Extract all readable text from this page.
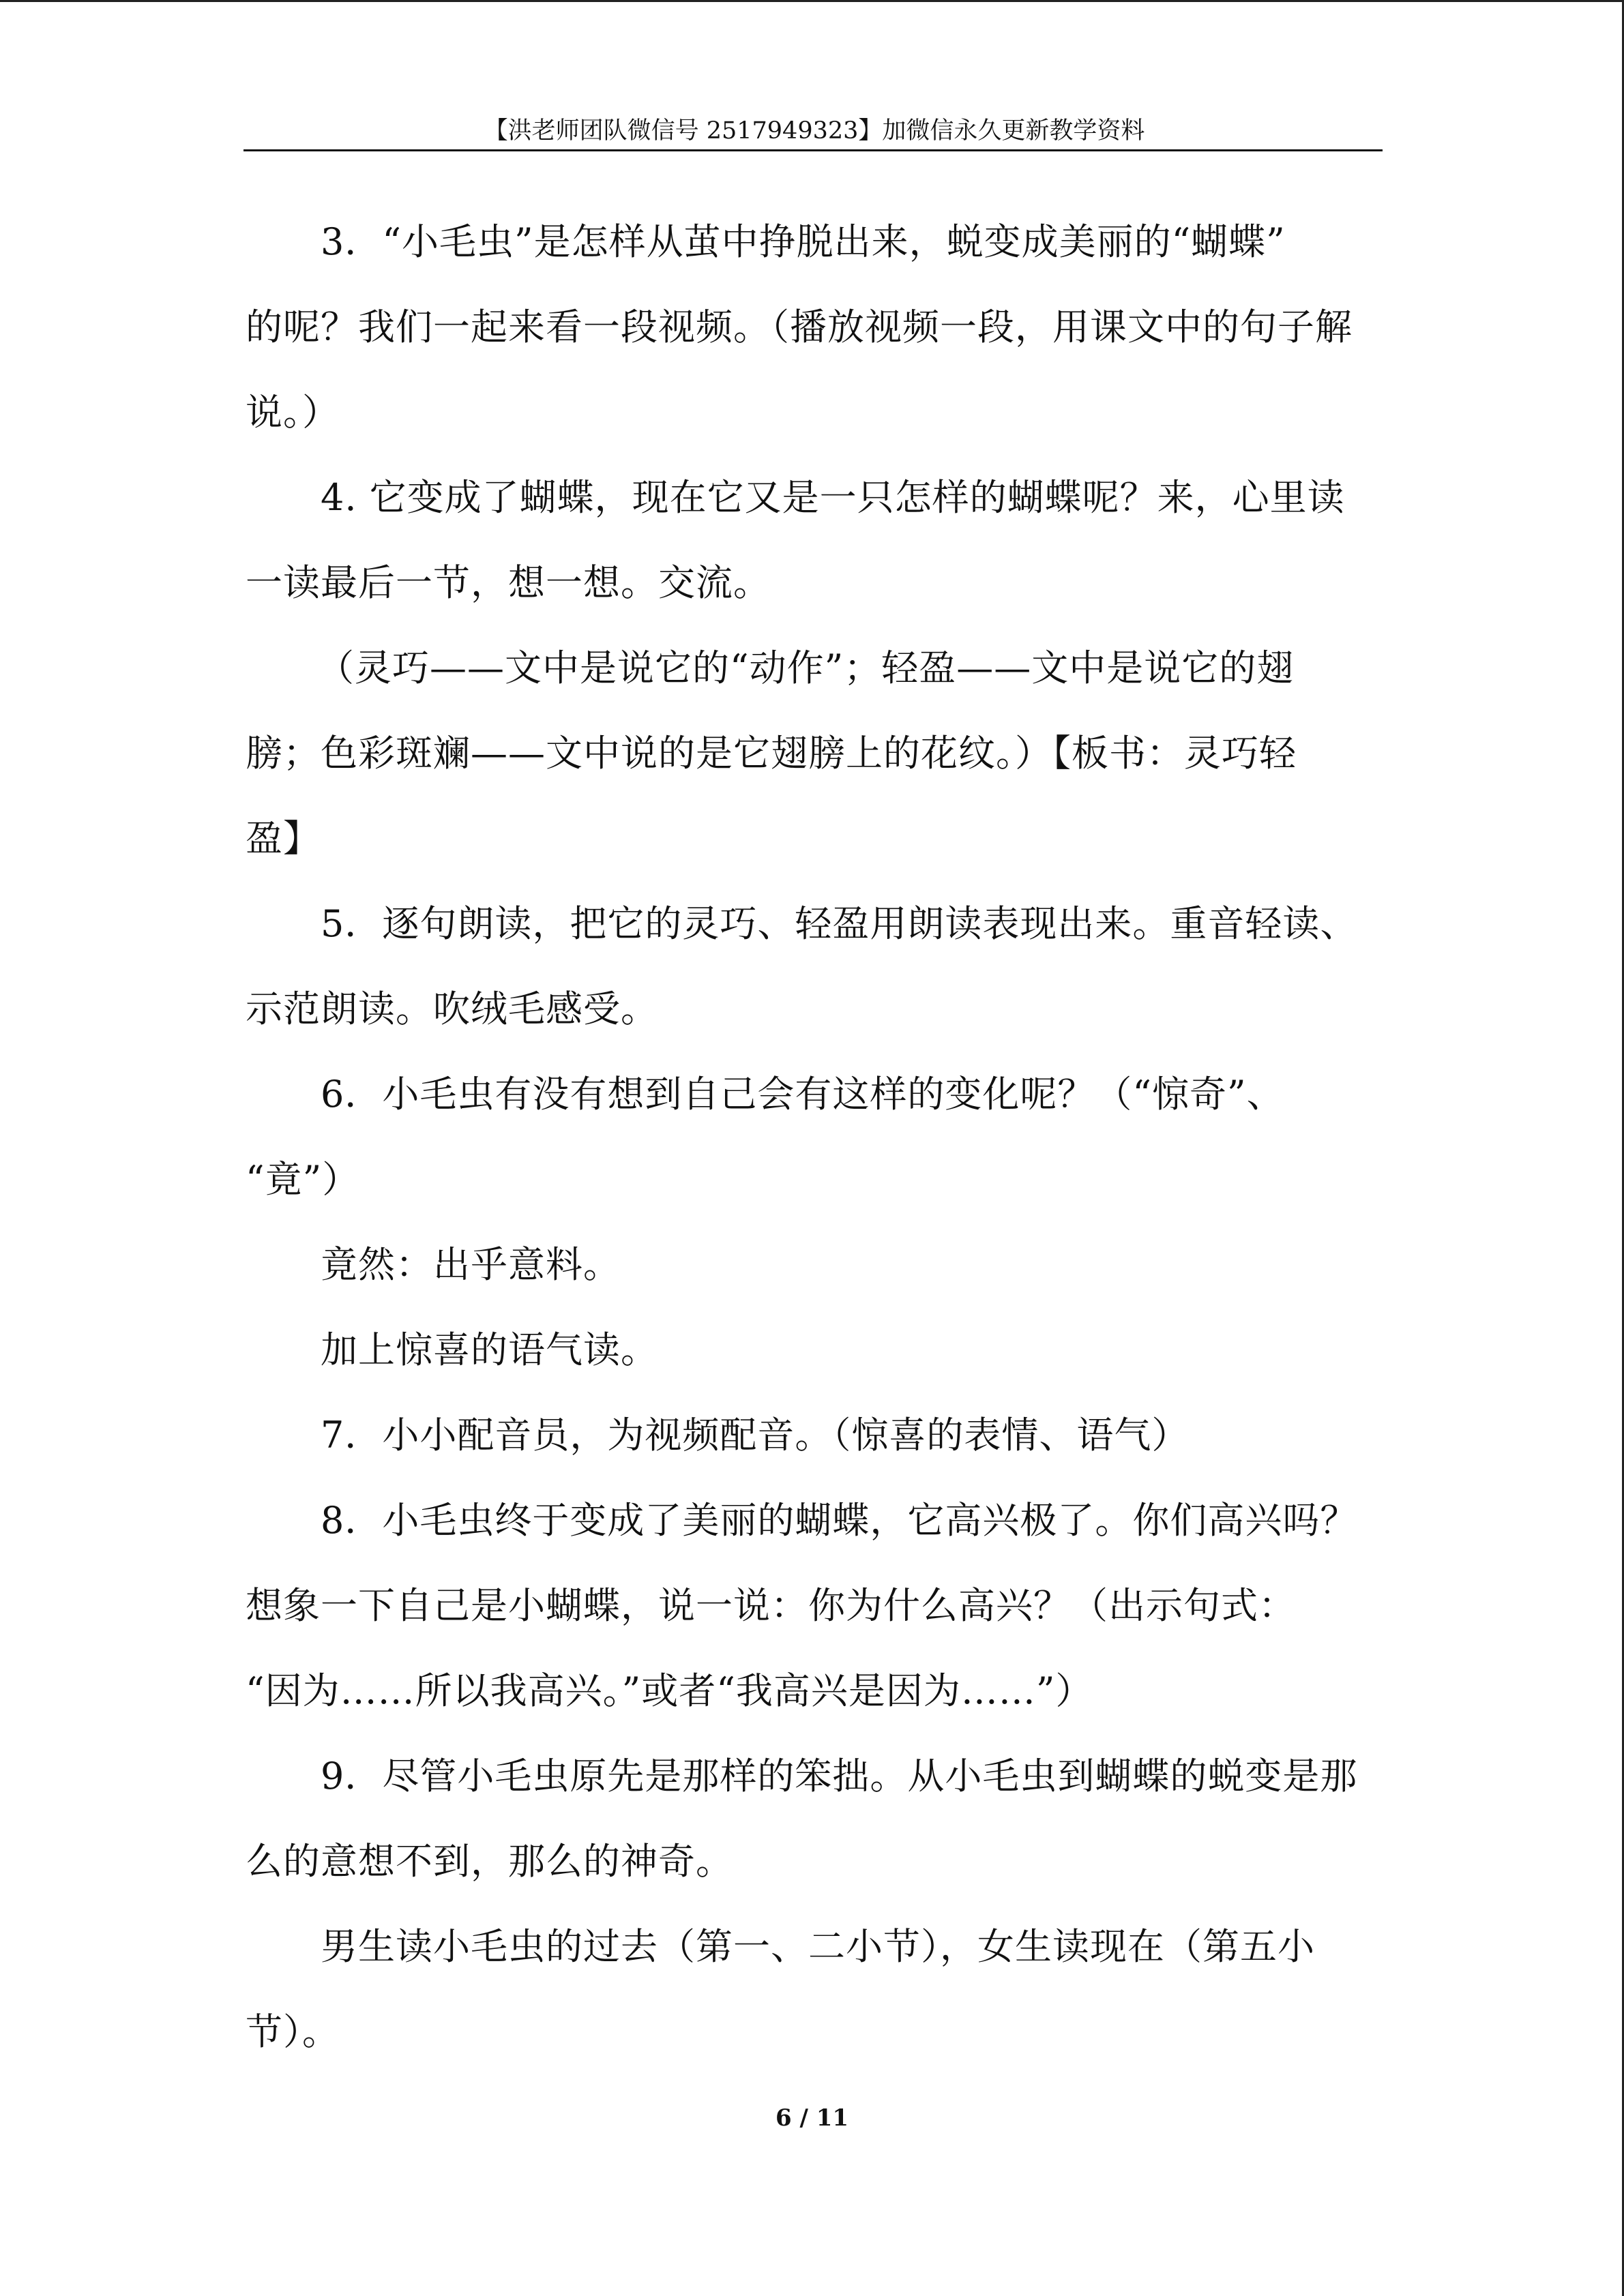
【洪老师团队微信号 2517949323】加微信永久更新教学资料
3．“小毛虫”是怎样从茧中挣脱出来，蜕变成美丽的“蝴蝶”
的呢？我们一起来看一段视频。（播放视频一段，用课文中的句子解
说。）
4. 它变成了蝴蝶，现在它又是一只怎样的蝴蝶呢？来，心里读
一读最后一节，想一想。交流。
（灵巧——文中是说它的“动作”；轻盈——文中是说它的翅
膀；色彩斑斓——文中说的是它翅膀上的花纹。）【板书：灵巧轻
盈】
5．逐句朗读，把它的灵巧、轻盈用朗读表现出来。重音轻读、
示范朗读。吹绒毛感受。
6．小毛虫有没有想到自己会有这样的变化呢？（“惊奇”、
“竟”）
竟然：出乎意料。
加上惊喜的语气读。
7．小小配音员，为视频配音。（惊喜的表情、语气）
8．小毛虫终于变成了美丽的蝴蝶，它高兴极了。你们高兴吗？
想象一下自己是小蝴蝶，说一说：你为什么高兴？（出示句式：
“因为……所以我高兴。”或者“我高兴是因为……”）
9．尽管小毛虫原先是那样的笨拙。从小毛虫到蝴蝶的蜕变是那
么的意想不到，那么的神奇。
男生读小毛虫的过去（第一、二小节），女生读现在（第五小
节）。
6 / 11
